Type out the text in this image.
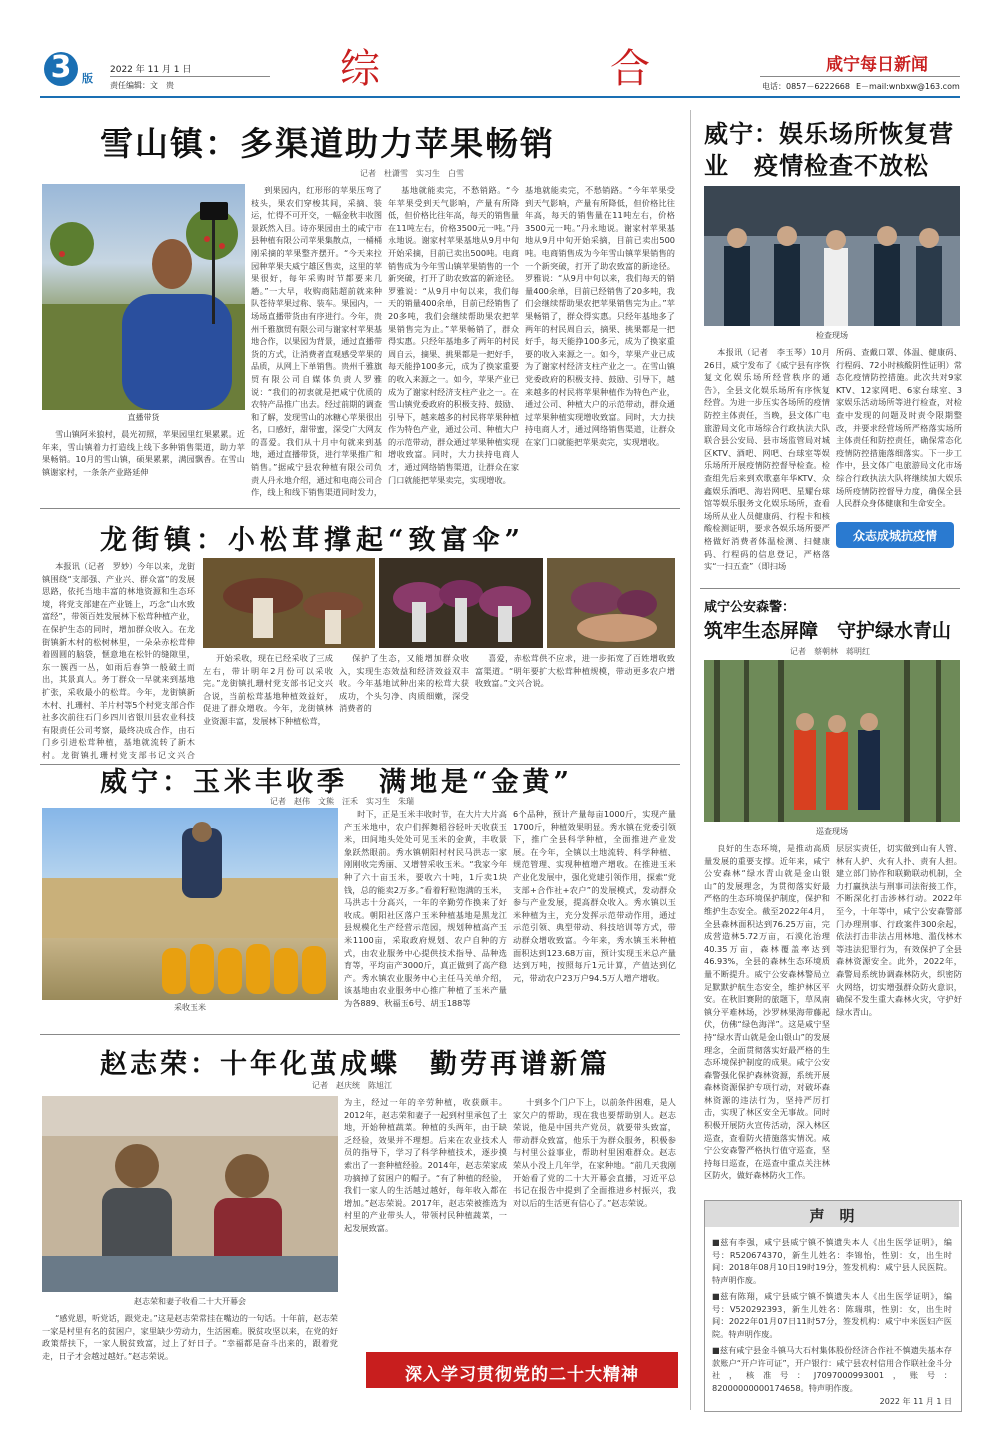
3 版
2022 年 11 月 1 日
责任编辑：文　贵	综	合	咸宁每日新闻
电话：0857－6222668 E－mail:wnbxw@163.com
雪山镇：多渠道助力苹果畅销
记者　杜潇雪　实习生　白雪
直播带货
雪山镇阿米狼村，晨光初照，苹果园里红果累累。近年来，雪山镇着力打造线上线下多种销售渠道，助力苹果畅销。10月的雪山镇，硕果累累，满园飘香。在雪山镇谢家村，一条条产业路延伸
到果园内，红形形的苹果压弯了枝头，果农们穿梭其间，采摘、装运，忙得不可开交，一幅金秋丰收图景跃然入目。诗亦果园由土的咸宁市县种植有限公司苹果集散点，一桶桶刚采摘的苹果整齐摆开。“今天来拉园种苹果夫威宁雄区售卖，这里的苹果很好，每年采购时节都要来几趟。”一大早，收购商陆超前就来种队苍待苹果过称、装车。果园内，一场场直播带货由有序进行。今年，贵州千雅旗贸有限公司与谢家村苹果基地合作，以果园为背景，通过直播带货的方式，让消费者直观感受苹果的品质，从网上下单销售。贵州千雅旗贸有限公司自媒体负责人罗雅说：“我们的初衷就是把咸宁优质的农特产品推广出去。经过前期的调查和了解，发现雪山的冰糖心苹果很出名，口感好，甜带蜜，深受广大网友的喜爱。我们从十月中旬就来到基地，通过直播带货，进行苹果推广和销售。”据咸宁县农种植有限公司负责人丹永地介绍，通过和电商公司合作，线上和线下销售渠道同时发力，
基地就能卖完，不愁销路。“今年苹果受到天气影响，产量有所降低，但价格比往年高，每天的销售量在11吨左右，价格3500元一吨。”丹永地说。谢家村苹果基地从9月中旬开始采摘，目前已卖出500吨。电商销售成为今年雪山镇苹果销售的一个新突破，打开了助农致富的新途径。罗雅说：“从9月中旬以来，我们每天的销量400余单，目前已经销售了20多吨，我们会继续帮助果农把苹果销售完为止。”苹果畅销了，群众得实惠。只经年基地多了两年的村民周自云，摘果、挑果都是一把好手，每天能挣100多元，成为了换家重要的收入来源之一。如今，苹果产业已成为了谢家村经济支柱产业之一。在雪山镇党委政府的积极支持、鼓励、引导下，越来越多的村民将苹果种植作为特色产业，通过公司、种植大户的示范带动，群众通过苹果种植实现增收致富。同时，大力扶持电商人才，通过网络销售渠道，让群众在家门口就能把苹果卖完，实现增收。
基地就能卖完，不愁销路。“今年苹果受到天气影响，产量有所降低，但价格比往年高，每天的销售量在11吨左右，价格3500元一吨。”丹永地说。谢家村苹果基地从9月中旬开始采摘，目前已卖出500吨。电商销售成为今年雪山镇苹果销售的一个新突破，打开了助农致富的新途径。罗雅说：“从9月中旬以来，我们每天的销量400余单，目前已经销售了20多吨，我们会继续帮助果农把苹果销售完为止。”苹果畅销了，群众得实惠。只经年基地多了两年的村民周自云，摘果、挑果都是一把好手，每天能挣100多元，成为了换家重要的收入来源之一。如今，苹果产业已成为了谢家村经济支柱产业之一。在雪山镇党委政府的积极支持、鼓励、引导下，越来越多的村民将苹果种植作为特色产业，通过公司、种植大户的示范带动，群众通过苹果种植实现增收致富。同时，大力扶持电商人才，通过网络销售渠道，让群众在家门口就能把苹果卖完，实现增收。
龙街镇：小松茸撑起“致富伞”
本报讯（记者　罗妙）今年以来，龙街镇围绕“支部强、产业兴、群众富”的发展思路，依托当地丰富的林地资源和生态环境，将党支部建在产业链上，巧念“山水致富经”，带领百姓发展林下松茸种植产业，在保护生态的同时，增加群众收入。在龙街镇新木村的松树林里，一朵朵赤松茸伸着圆圆的脑袋，惬意地在松针的缝隙里，东一簇西一丛，如雨后春笋一般破土而出，其景真人。务丁群众一早就来到基地扩张，采收最小的松茸。今年，龙街镇新木村、扎珊村、羊片村等5个村党支部合作社多次前往石门乡四川省银川县农业科技有限责任公司考察，最终决成合作，由石门乡引进松茸种植，基地就流转了新木村。龙街镇扎珊村党支部书记文兴合
开始采收，现在已经采收了三成左右，带计明年2月份可以采收完。”龙街镇扎珊村党支部书记文兴合说，当前松茸基地种植效益好，促进了群众增收。今年，龙街镇林业资源丰富，发展林下种植松茸，
保护了生态，又能增加群众收入，实现生态效益和经济效益双丰收。今年基地试种出来的松茸大获成功，个头匀净、肉质细嫩，深受消费者的
喜爱，赤松茸供不应求，进一步拓宽了百姓增收致富渠道。“明年要扩大松茸种植规模，带动更多农户增收致富。”文兴合说。
威宁：玉米丰收季　满地是“金黄”
记者　赵伟　文熊　汪禾　实习生　朱瑞
采收玉米
时下，正是玉米丰收时节，在大片大片高产玉米地中，农户们挥舞稻谷轻叶天收获玉米，田间地头处处可见玉米的金黄，丰收景象跃然眼前。秀水镇朝阳村村民马洪志一家刚刚收完秀丽、又增替采收玉米。“我家今年种了六十亩玉米，要收六十吨，1斤卖1块钱，总的能卖2万多。”看着籽粒饱满的玉米，马洪志十分高兴，一年的辛勤劳作换来了好收成。朝阳社区落户玉米种植基地是黑龙江县规模化生产经营示范园，规划种植高产玉米1100亩，采取政府规划、农户自种的方式，由农业服务中心提供技术指导、品种选育等，平均亩产3000斤，真正做到了高产稳产。秀水镇农业服务中心主任马关单介绍，该基地由农业服务中心推广种植了玉米产量为各889、秋福玉6号、胡玉188等
6个品种，预计产量每亩1000斤，实现产量1700斤，种植效果明显。秀水镇在党委引领下，推广全县科学种植，全面推进产业发展。在今年，全镇以土地流转、科学种植、规范管理、实现种植增产增收。在推进玉米产业化发展中，强化党建引领作用，探索“党支部+合作社+农户”的发展模式，发动群众参与产业发展，提高群众收入。秀水镇以玉米种植为主，充分发挥示范带动作用，通过示范引领、典型带动、科技培训等方式，带动群众增收致富。今年来，秀水镇玉米种植面积达到123.68万亩，预计实现玉米总产量达到万吨，按照每斤1元计算，产值达到亿元，带动农户23万户94.5万人增产增收。
赵志荣：十年化茧成蝶　勤劳再谱新篇
记者　赵庆统　陈旭江
赵志荣和妻子收看二十大开幕会
“感党恩，听党话，跟党走。”这是赵志荣常挂在嘴边的一句话。十年前，赵志荣一家是村里有名的贫困户，家里缺少劳动力，生活困难。脱贫攻坚以来，在党的好政策帮扶下，一家人脱贫致富，过上了好日子。“幸福都是奋斗出来的，跟着党走，日子才会越过越好。”赵志荣说。
为主，经过一年的辛劳种植，收获颇丰。2012年，赵志荣和妻子一起到村里承包了土地，开始种植蔬菜。种植的头两年，由于缺乏经验，效果并不理想。后来在农业技术人员的指导下，学习了科学种植技术，逐步摸索出了一套种植经验。2014年，赵志荣家成功摘掉了贫困户的帽子。“有了种植的经验，我们一家人的生活越过越好，每年收入都在增加。”赵志荣说。2017年，赵志荣被推选为村里的产业带头人，带领村民种植蔬菜，一起发展致富。
十到多个门户下上，以前条件困难，是人家欠户的帮助，现在我也要帮助别人。赵志荣说，他是中国共产党员，就要带头致富，带动群众致富，他乐于为群众服务，积极参与村里公益事业，帮助村里困难群众。赵志荣从小没上几年学，在家种地。“前几天我刚开始看了党的二十大开幕会直播，习近平总书记在报告中提到了全面推进乡村振兴，我对以后的生活更有信心了。”赵志荣说。
深入学习贯彻党的二十大精神
威宁：娱乐场所恢复营业　疫情检查不放松
检查现场
本报讯（记者　李玉琴）10月26日，威宁发布了《威宁县有序恢复文化娱乐场所经营秩序的通告》，全县文化娱乐场所有序恢复经营。为进一步压实各场所的疫情防控主体责任，当晚，县文体广电旅游局文化市场综合行政执法大队联合县公安局、县市场监管局对城区KTV、酒吧、网吧、台球室等娱乐场所开展疫情防控督导检查。检查组先后来到欢歌嘉年华KTV、众鑫娱乐酒吧、海岩网吧、星耀台球馆等娱乐服务文化娱乐场所，查看场所从业人员健康码、行程卡和核酸检测证明，要求各娱乐场所要严格做好消费者体温检测、扫健康码、行程码的信息登记，严格落实“一扫五查”（即扫场
所码、查戴口罩、体温、健康码、行程码、72小时核酸阴性证明）常态化疫情防控措施。此次共对9家KTV、12家网吧、6家台球室、3家娱乐活动场所等进行检查，对检查中发现的问题及时责令限期整改，并要求经营场所严格落实场所主体责任和防控责任，确保常态化疫情防控措施落细落实。下一步工作中，县文体广电旅游局文化市场综合行政执法大队将继续加大娱乐场所疫情防控督导力度，确保全县人民群众身体健康和生命安全。
众志成城抗疫情
咸宁公安森警：
筑牢生态屏障　守护绿水青山
记者　蔡朝林　蒋明红
巡查现场
良好的生态环境，是推动高质量发展的重要支撑。近年来，咸宁公安森林“绿水青山就是金山银山”的发展理念，为贯彻落实好最严格的生态环境保护制度，保护和维护生态安全。截至2022年4月，全县森林面积达到76.25万亩，完成营造林5.72万亩，石漠化治理40.35万亩，森林覆盖率达到46.93%，全县的森林生态环境质量不断提升。威宁公安森林警局立足默默护航生态安全，维护林区平安。在秋旧赛附的旅题下，草凤南镇分平难林场，沙罗林果海带藤起伏，仿佛“绿色海洋”。这是咸宁坚持“绿水青山就是金山银山”的发展理念，全面贯彻落实好最严格的生态环境保护制度的成果。咸宁公安森警强化保护森林资源，系统开展森林资源保护专项行动，对破坏森林资源的违法行为，坚持严厉打击，实现了林区安全无事故。同时积极开展防火宣传活动，深入林区巡查，查看防火措施落实情况。咸宁公安森警严格执行值守巡查，坚持每日巡查，在巡查中重点关注林区防火，做好森林防火工作。
层层实责任，切实做到山有人管、林有人护、火有人扑、责有人担。建立部门协作和联勤联动机制，全力打赢执法与刑事司法衔接工作，不断深化打击涉林行动。2022年至今，十年等中，咸宁公安森警部门办理刑事、行政案件300余起，依法打击非法占用林地、滥伐林木等违法犯罪行为，有效保护了全县森林资源安全。此外，2022年，森警局系统协调森林防火，织密防火网络，切实增强群众防火意识，确保不发生重大森林火灾，守护好绿水青山。
声　明
■兹有李强，咸宁县威宁镇不慎遗失本人《出生医学证明》，编号：R520674370，新生儿姓名：李锦怡，性别：女，出生时间：2018年08月10日19时19分，签发机构：咸宁县人民医院。特声明作废。
■兹有陈翔，咸宁县威宁镇不慎遗失本人《出生医学证明》，编号：V520292393，新生儿姓名：陈瑞琪，性别：女，出生时间：2022年01月07日11时57分，签发机构：咸宁中米医妇产医院。特声明作废。
■兹有咸宁县金斗镇马大石村集体股份经济合作社不慎遗失基本存款账户“开户许可证”，开户银行：咸宁县农村信用合作联社金斗分社，核准号：J7097000993001，账号：82000000000174658。特声明作废。
2022 年 11 月 1 日
